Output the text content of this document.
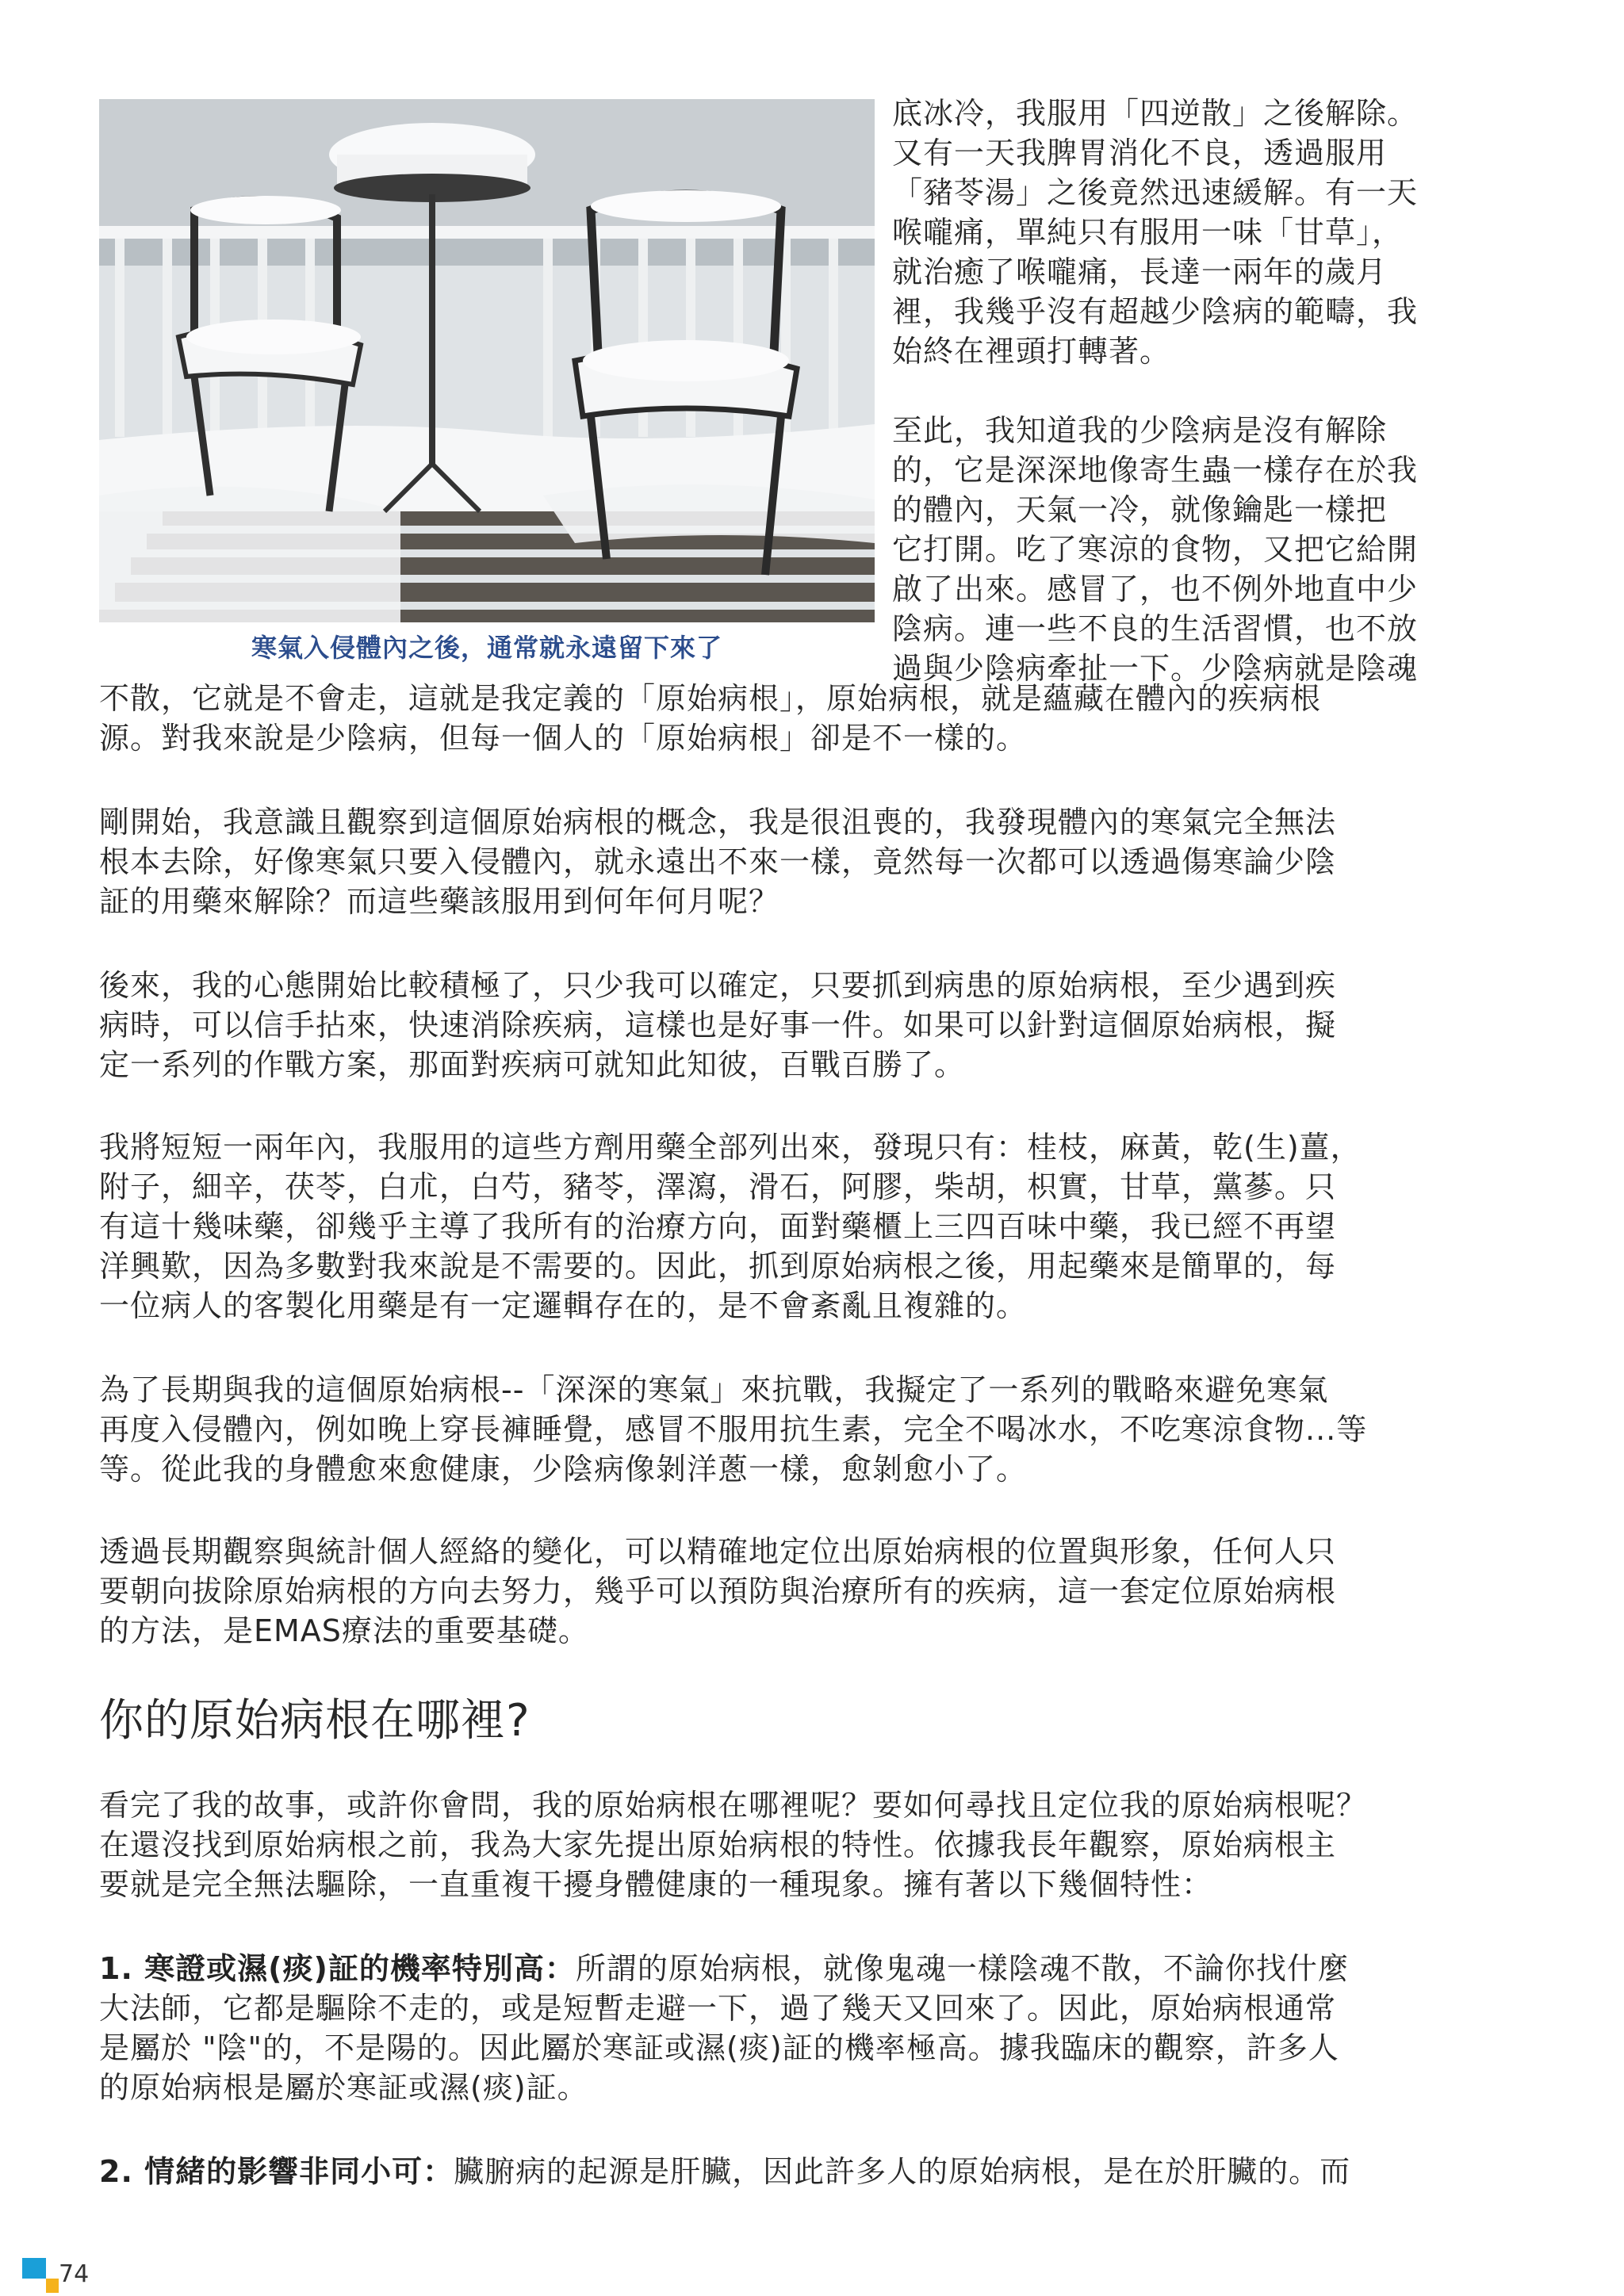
寒氣入侵體內之後，通常就永遠留下來了
底冰冷，我服用「四逆散」之後解除。
又有一天我脾胃消化不良，透過服用
「豬苓湯」之後竟然迅速緩解。有一天
喉嚨痛，單純只有服用一味「甘草」，
就治癒了喉嚨痛，長達一兩年的歲月
裡，我幾乎沒有超越少陰病的範疇，我
始終在裡頭打轉著。
至此，我知道我的少陰病是沒有解除
的，它是深深地像寄生蟲一樣存在於我
的體內，天氣一冷，就像鑰匙一樣把
它打開。吃了寒涼的食物，又把它給開
啟了出來。感冒了，也不例外地直中少
陰病。連一些不良的生活習慣，也不放
過與少陰病牽扯一下。少陰病就是陰魂
不散，它就是不會走，這就是我定義的「原始病根」，原始病根，就是蘊藏在體內的疾病根
源。對我來說是少陰病，但每一個人的「原始病根」卻是不一樣的。
剛開始，我意識且觀察到這個原始病根的概念，我是很沮喪的，我發現體內的寒氣完全無法
根本去除，好像寒氣只要入侵體內，就永遠出不來一樣，竟然每一次都可以透過傷寒論少陰
証的用藥來解除？而這些藥該服用到何年何月呢？
後來，我的心態開始比較積極了，只少我可以確定，只要抓到病患的原始病根，至少遇到疾
病時，可以信手拈來，快速消除疾病，這樣也是好事一件。如果可以針對這個原始病根，擬
定一系列的作戰方案，那面對疾病可就知此知彼，百戰百勝了。
我將短短一兩年內，我服用的這些方劑用藥全部列出來，發現只有：桂枝，麻黃，乾(生)薑，
附子，細辛，茯苓，白朮，白芍，豬苓，澤瀉，滑石，阿膠，柴胡，枳實，甘草，黨蔘。只
有這十幾味藥，卻幾乎主導了我所有的治療方向，面對藥櫃上三四百味中藥，我已經不再望
洋興歎，因為多數對我來說是不需要的。因此，抓到原始病根之後，用起藥來是簡單的，每
一位病人的客製化用藥是有一定邏輯存在的，是不會紊亂且複雜的。
為了長期與我的這個原始病根--「深深的寒氣」來抗戰，我擬定了一系列的戰略來避免寒氣
再度入侵體內，例如晚上穿長褲睡覺，感冒不服用抗生素，完全不喝冰水，不吃寒涼食物...等
等。從此我的身體愈來愈健康，少陰病像剝洋蔥一樣，愈剝愈小了。
透過長期觀察與統計個人經絡的變化，可以精確地定位出原始病根的位置與形象，任何人只
要朝向拔除原始病根的方向去努力，幾乎可以預防與治療所有的疾病，這一套定位原始病根
的方法，是EMAS療法的重要基礎。
你的原始病根在哪裡?
看完了我的故事，或許你會問，我的原始病根在哪裡呢？要如何尋找且定位我的原始病根呢？
在還沒找到原始病根之前，我為大家先提出原始病根的特性。依據我長年觀察，原始病根主
要就是完全無法驅除，一直重複干擾身體健康的一種現象。擁有著以下幾個特性：
1. 寒證或濕(痰)証的機率特別高：所謂的原始病根，就像鬼魂一樣陰魂不散，不論你找什麼
大法師，它都是驅除不走的，或是短暫走避一下，過了幾天又回來了。因此，原始病根通常
是屬於 "陰"的，不是陽的。因此屬於寒証或濕(痰)証的機率極高。據我臨床的觀察，許多人
的原始病根是屬於寒証或濕(痰)証。
2. 情緒的影響非同小可：臟腑病的起源是肝臟，因此許多人的原始病根，是在於肝臟的。而
74
